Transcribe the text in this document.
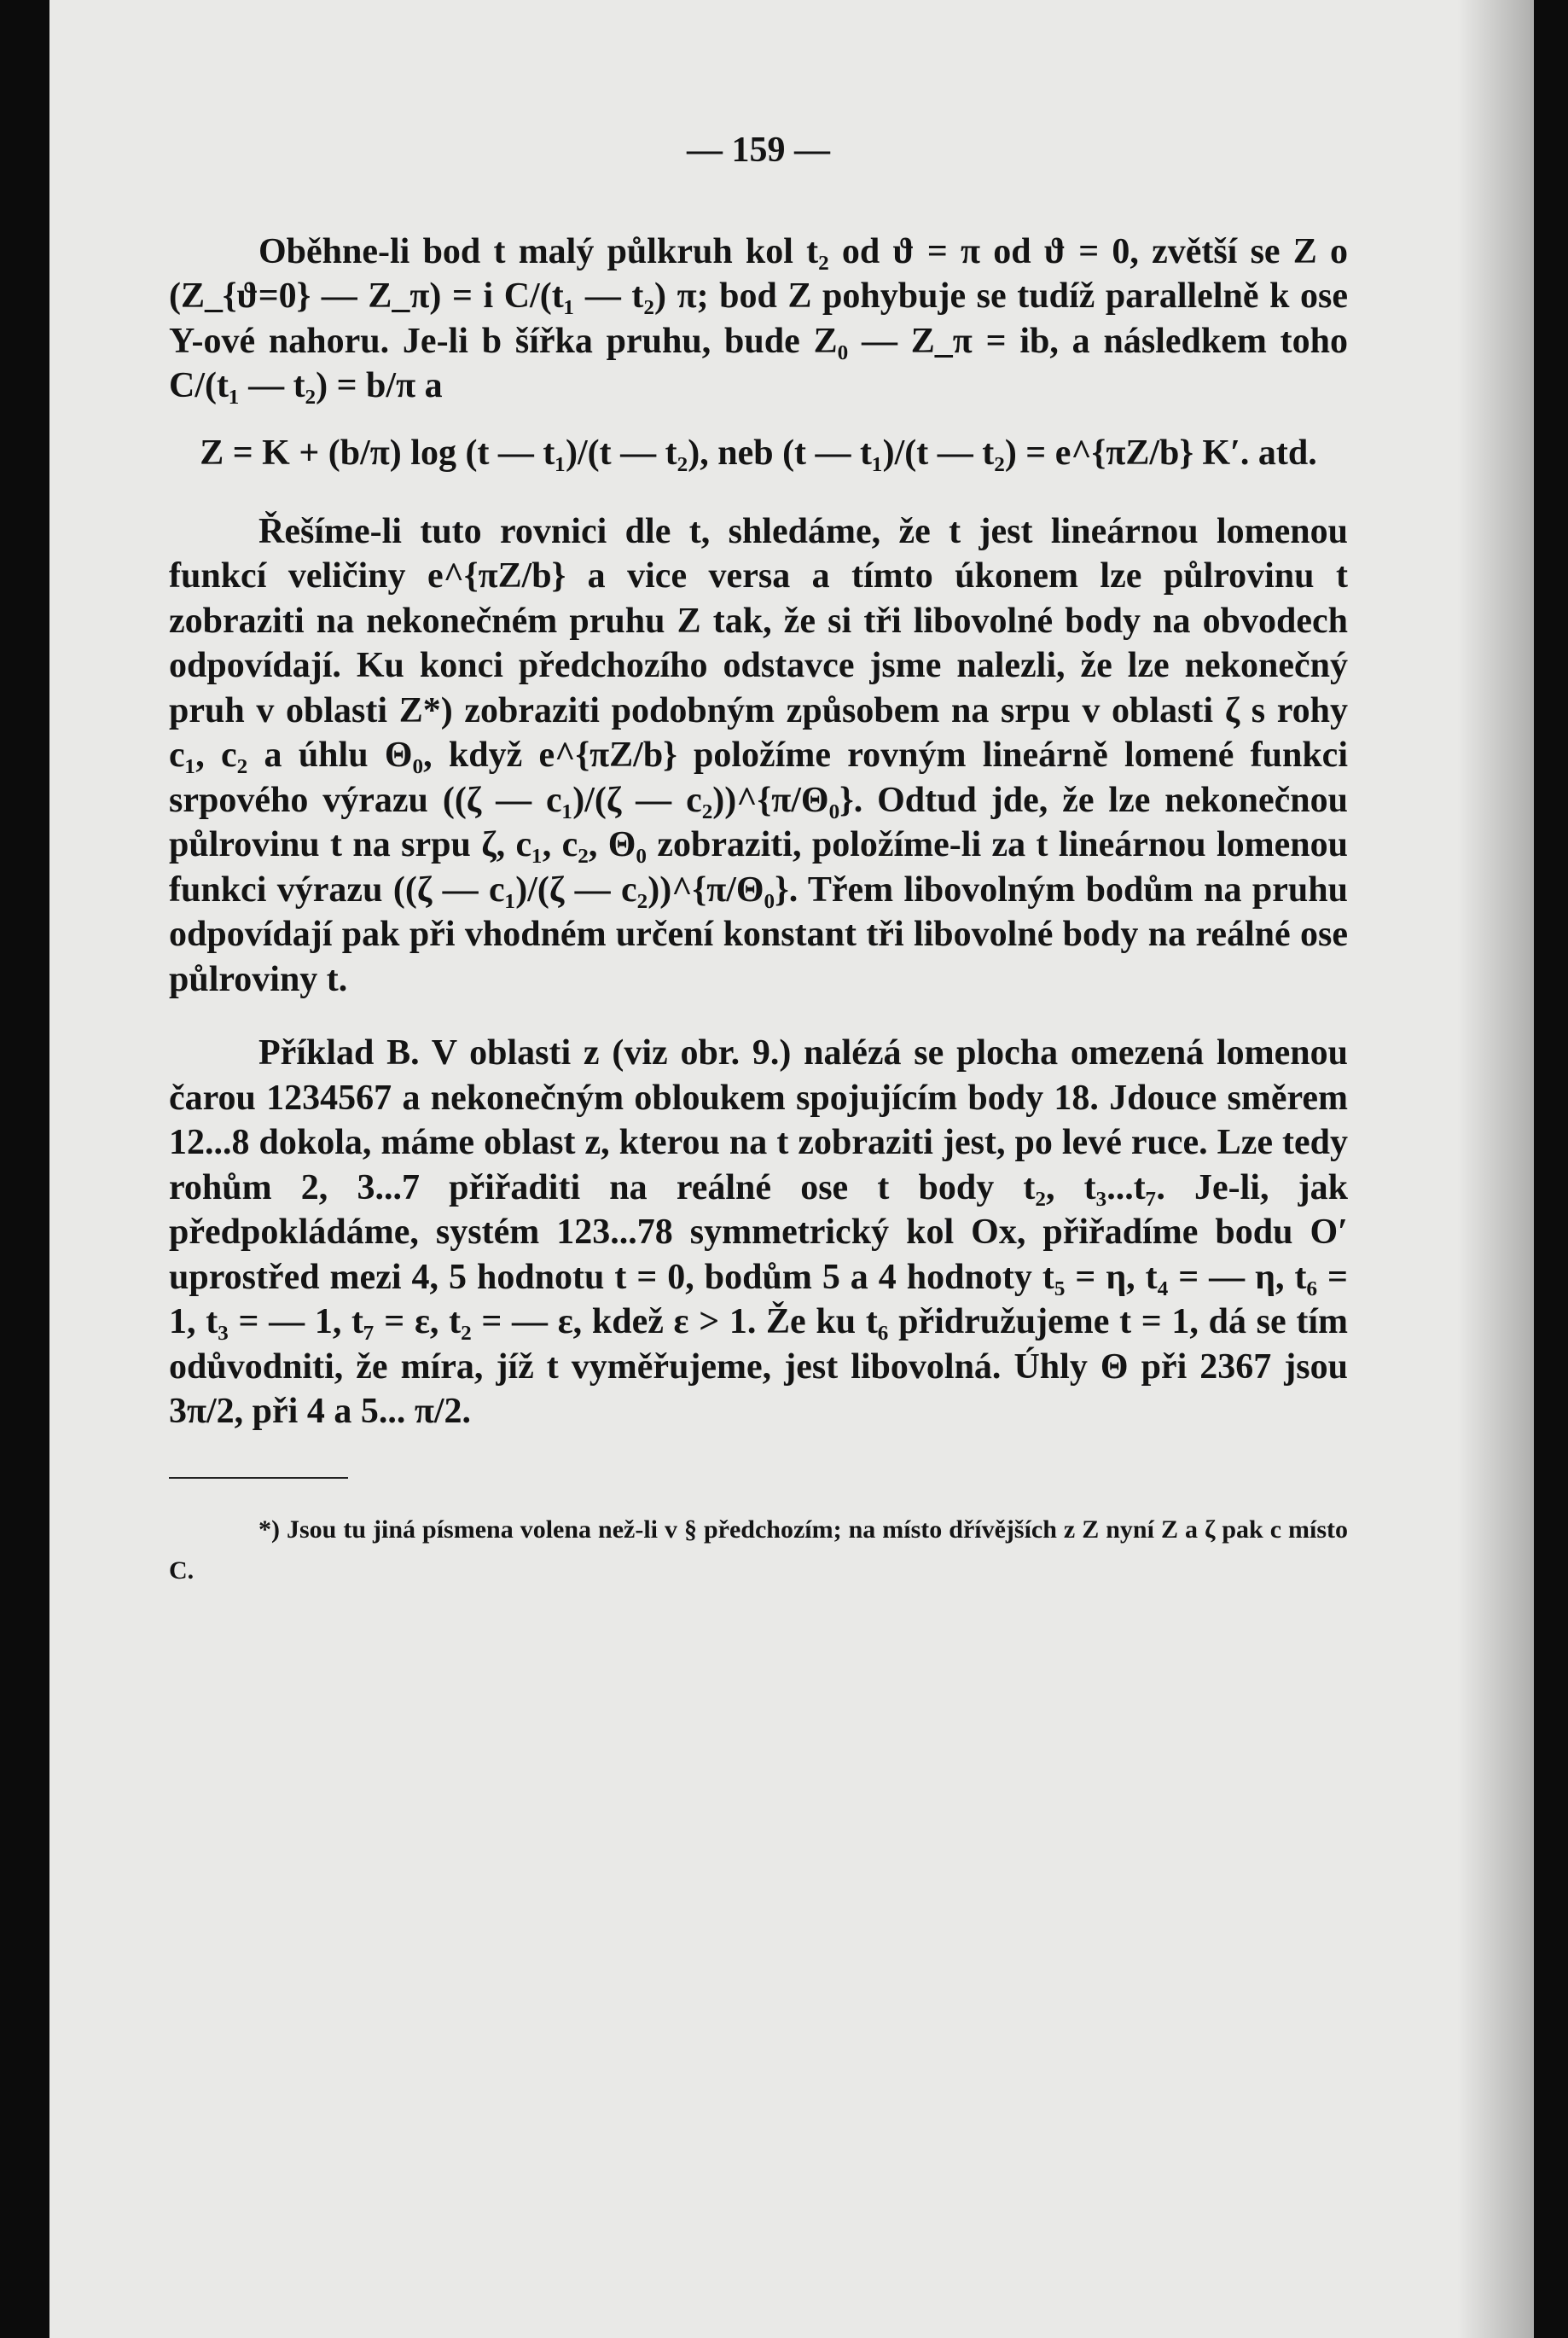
— 159 —

Oběhne-li bod t malý půlkruh kol t₂ od ϑ = π od ϑ = 0, zvětší se Z o (Z_{ϑ=0} — Z_π) = i C/(t₁ — t₂) π; bod Z pohybuje se tudíž parallelně k ose Y-ové nahoru. Je-li b šířka pruhu, bude Z₀ — Z_π = ib, a následkem toho C/(t₁ — t₂) = b/π a

Z = K + (b/π) log (t — t₁)/(t — t₂), neb (t — t₁)/(t — t₂) = e^{πZ/b} K′. atd.

Řešíme-li tuto rovnici dle t, shledáme, že t jest lineárnou lomenou funkcí veličiny e^{πZ/b} a vice versa a tímto úkonem lze půlrovinu t zobraziti na nekonečném pruhu Z tak, že si tři libovolné body na obvodech odpovídají. Ku konci předchozího odstavce jsme nalezli, že lze nekonečný pruh v oblasti Z*) zobraziti podobným způsobem na srpu v oblasti ζ s rohy c₁, c₂ a úhlu Θ₀, když e^{πZ/b} položíme rovným lineárně lomené funkci srpového výrazu ((ζ — c₁)/(ζ — c₂))^{π/Θ₀}. Odtud jde, že lze nekonečnou půlrovinu t na srpu ζ, c₁, c₂, Θ₀ zobraziti, položíme-li za t lineárnou lomenou funkci výrazu ((ζ — c₁)/(ζ — c₂))^{π/Θ₀}. Třem libovolným bodům na pruhu odpovídají pak při vhodném určení konstant tři libovolné body na reálné ose půlroviny t.

Příklad B. V oblasti z (viz obr. 9.) nalézá se plocha omezená lomenou čarou 1234567 a nekonečným obloukem spojujícím body 18. Jdouce směrem 12...8 dokola, máme oblast z, kterou na t zobraziti jest, po levé ruce. Lze tedy rohům 2, 3...7 přiřaditi na reálné ose t body t₂, t₃...t₇. Je-li, jak předpokládáme, systém 123...78 symmetrický kol Ox, přiřadíme bodu O′ uprostřed mezi 4, 5 hodnotu t = 0, bodům 5 a 4 hodnoty t₅ = η, t₄ = — η, t₆ = 1, t₃ = — 1, t₇ = ε, t₂ = — ε, kdež ε > 1. Že ku t₆ přidružujeme t = 1, dá se tím odůvodniti, že míra, jíž t vyměřujeme, jest libovolná. Úhly Θ při 2367 jsou 3π/2, při 4 a 5... π/2.

*) Jsou tu jiná písmena volena než-li v § předchozím; na místo dřívějších z Z nyní Z a ζ pak c místo C.
